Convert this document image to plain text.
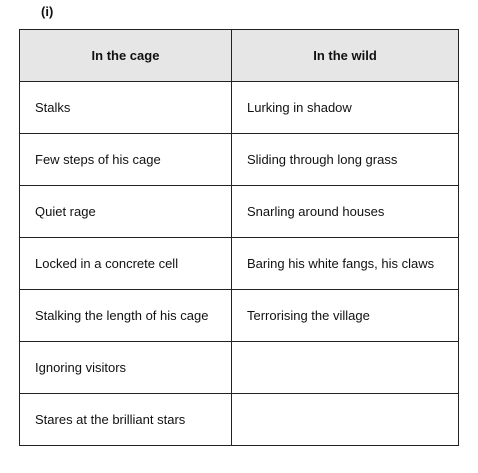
(i)
In the cage	In the wild
Stalks	Lurking in shadow
Few steps of his cage	Sliding through long grass
Quiet rage	Snarling around houses
Locked in a concrete cell	Baring his white fangs, his claws
Stalking the length of his cage	Terrorising the village
Ignoring visitors	
Stares at the brilliant stars	
